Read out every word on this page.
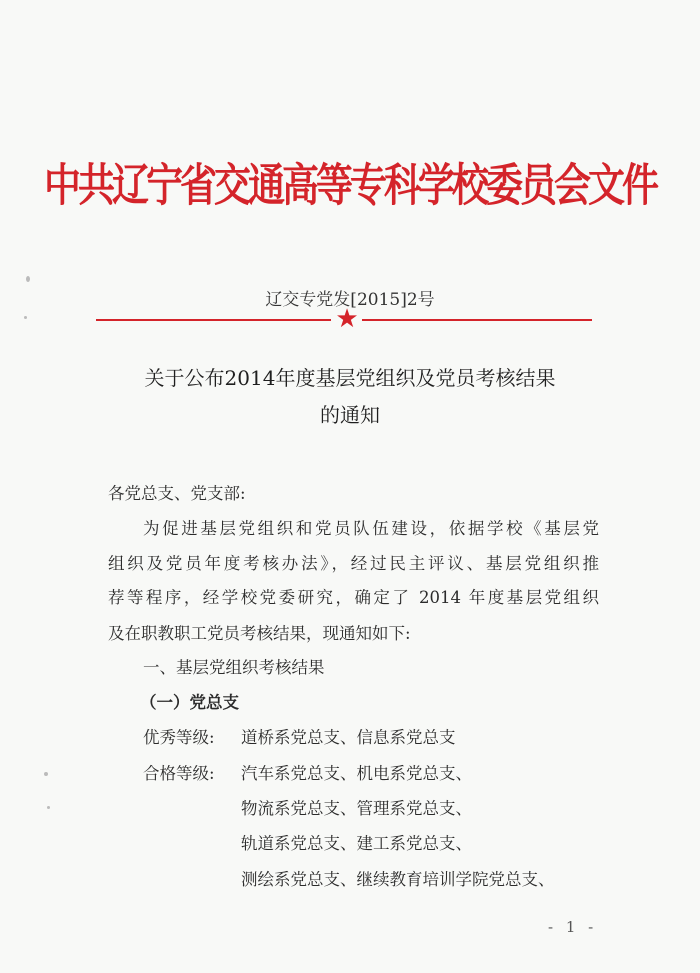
中共辽宁省交通高等专科学校委员会文件
辽交专党发[2015]2号
★
关于公布2014年度基层党组织及党员考核结果
的通知
各党总支、党支部:
为促进基层党组织和党员队伍建设，依据学校《基层党
组织及党员年度考核办法》，经过民主评议、基层党组织推
荐等程序，经学校党委研究，确定了 2014 年度基层党组织
及在职教职工党员考核结果，现通知如下:
一、基层党组织考核结果
（一）党总支
优秀等级: 道桥系党总支、信息系党总支
合格等级: 汽车系党总支、机电系党总支、
物流系党总支、管理系党总支、
轨道系党总支、建工系党总支、
测绘系党总支、继续教育培训学院党总支、
- 1 -
